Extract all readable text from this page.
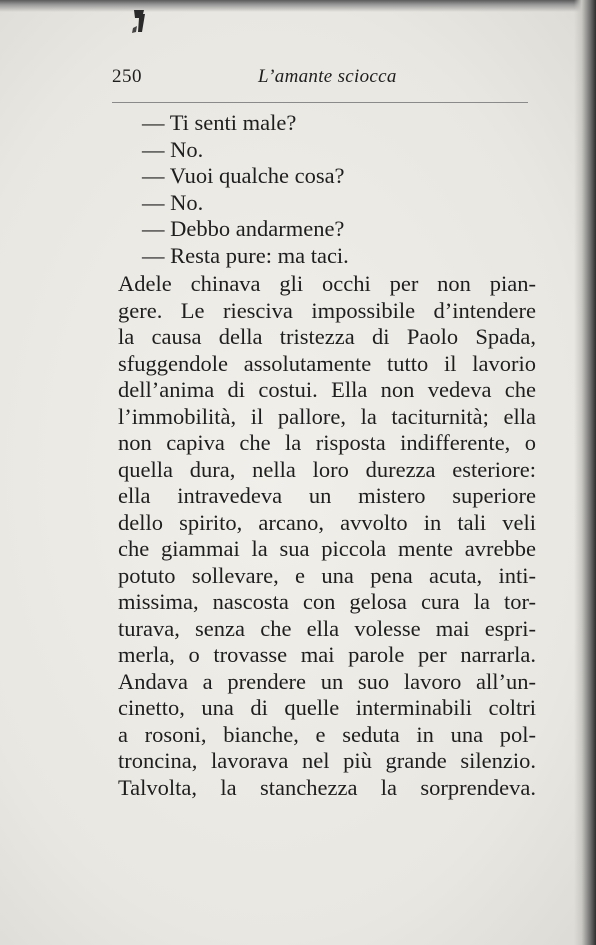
250	L’amante sciocca
— Ti senti male?
— No.
— Vuoi qualche cosa?
— No.
— Debbo andarmene?
— Resta pure: ma taci.
Adele chinava gli occhi per non pian-
gere. Le riesciva impossibile d’intendere
la causa della tristezza di Paolo Spada,
sfuggendole assolutamente tutto il lavorio
dell’anima di costui. Ella non vedeva che
l’immobilità, il pallore, la taciturnità; ella
non capiva che la risposta indifferente, o
quella dura, nella loro durezza esteriore:
ella intravedeva un mistero superiore
dello spirito, arcano, avvolto in tali veli
che giammai la sua piccola mente avrebbe
potuto sollevare, e una pena acuta, inti-
missima, nascosta con gelosa cura la tor-
turava, senza che ella volesse mai espri-
merla, o trovasse mai parole per narrarla.
Andava a prendere un suo lavoro all’un-
cinetto, una di quelle interminabili coltri
a rosoni, bianche, e seduta in una pol-
troncina, lavorava nel più grande silenzio.
Talvolta, la stanchezza la sorprendeva.
